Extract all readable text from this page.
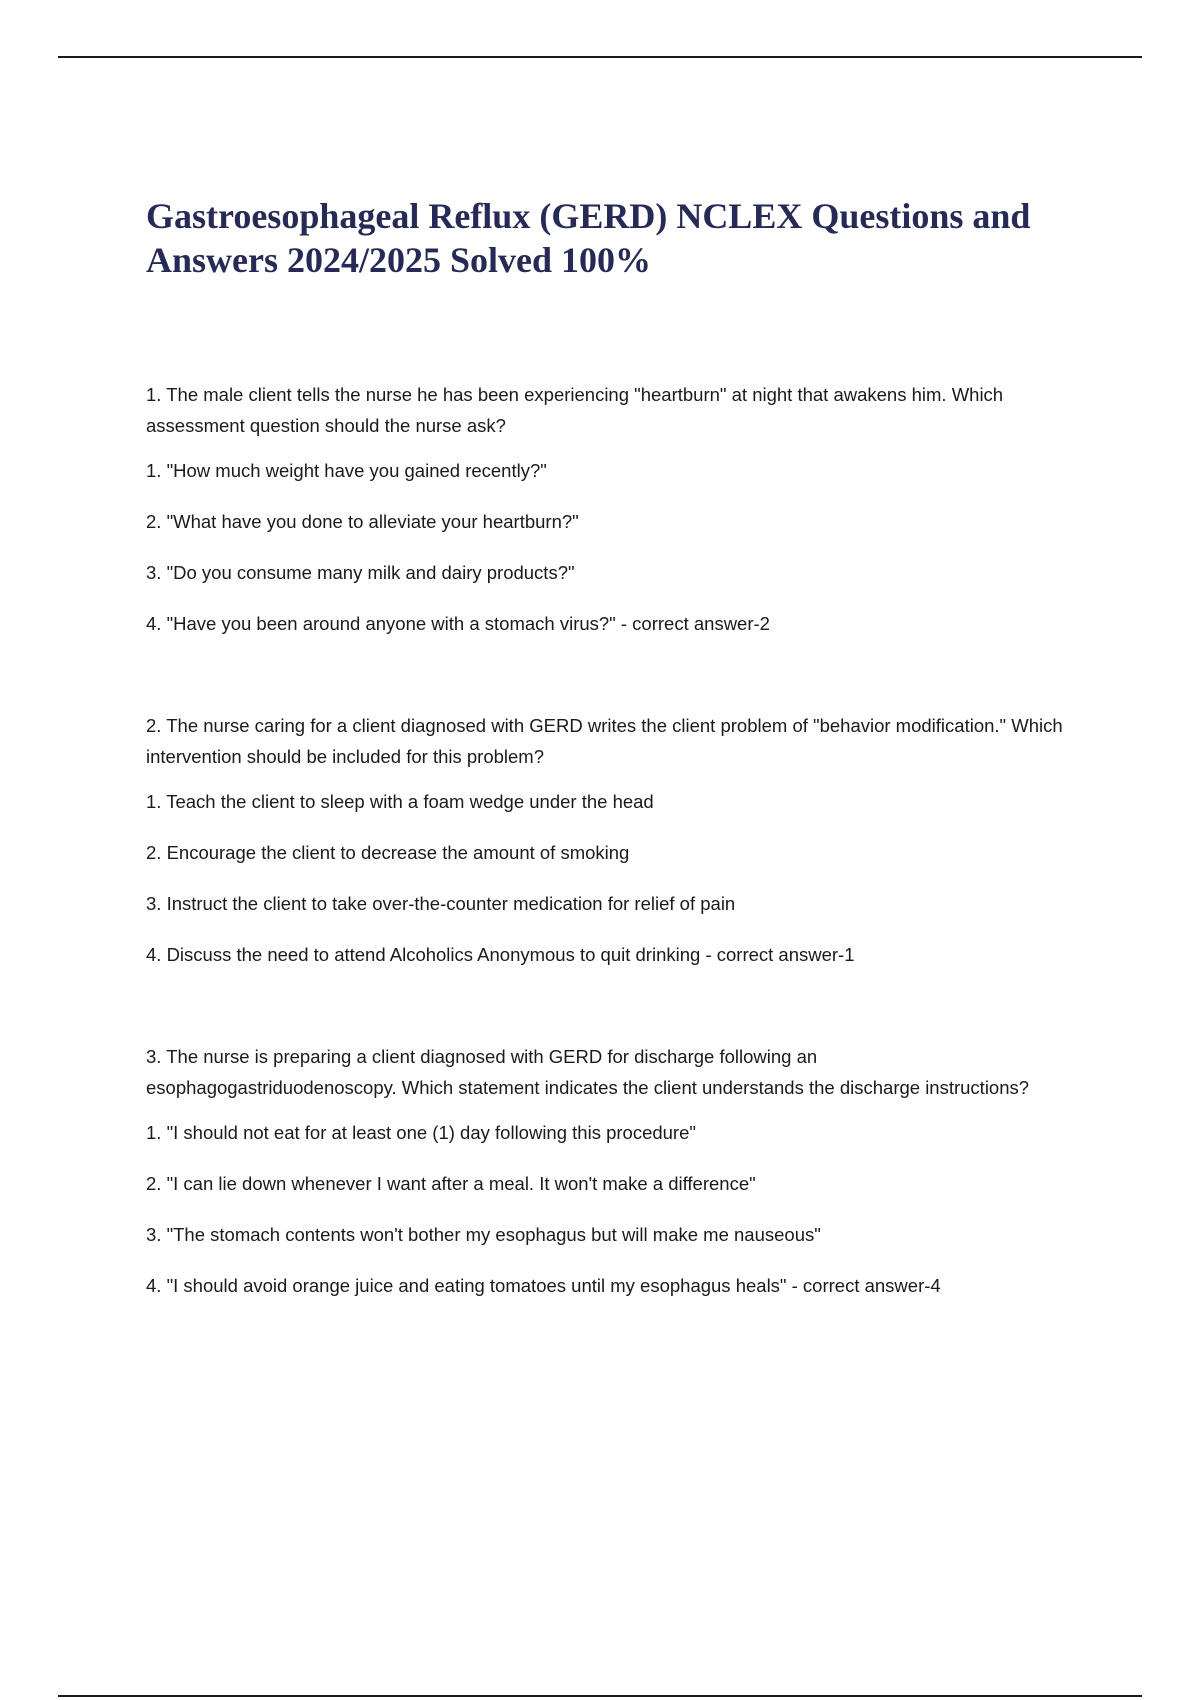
Gastroesophageal Reflux (GERD) NCLEX Questions and Answers 2024/2025 Solved 100%

1. The male client tells the nurse he has been experiencing "heartburn" at night that awakens him. Which assessment question should the nurse ask?

1. "How much weight have you gained recently?"

2. "What have you done to alleviate your heartburn?"

3. "Do you consume many milk and dairy products?"

4. "Have you been around anyone with a stomach virus?" - correct answer-2

2. The nurse caring for a client diagnosed with GERD writes the client problem of "behavior modification." Which intervention should be included for this problem?

1. Teach the client to sleep with a foam wedge under the head

2. Encourage the client to decrease the amount of smoking

3. Instruct the client to take over-the-counter medication for relief of pain

4. Discuss the need to attend Alcoholics Anonymous to quit drinking - correct answer-1

3. The nurse is preparing a client diagnosed with GERD for discharge following an esophagogastriduodenoscopy. Which statement indicates the client understands the discharge instructions?

1. "I should not eat for at least one (1) day following this procedure"

2. "I can lie down whenever I want after a meal. It won't make a difference"

3. "The stomach contents won't bother my esophagus but will make me nauseous"

4. "I should avoid orange juice and eating tomatoes until my esophagus heals" - correct answer-4
